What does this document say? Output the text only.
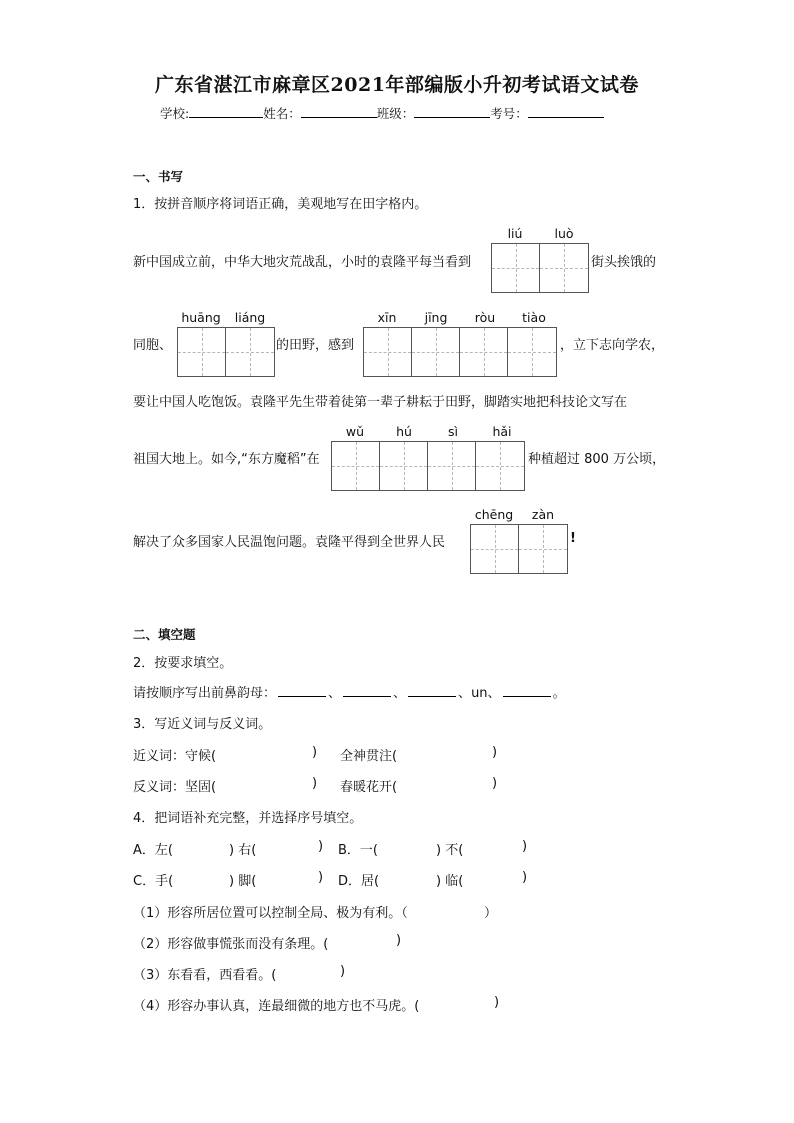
广东省湛江市麻章区2021年部编版小升初考试语文试卷
学校:	姓名：	班级：	考号：
一、书写
1．按拼音顺序将词语正确，美观地写在田字格内。
liú	luò
新中国成立前，中华大地灾荒战乱，小时的袁隆平每当看到	街头挨饿的
huāng	liáng
同胞、	的田野，感到
xīn	jīng	ròu	tiào
，立下志向学农，
要让中国人吃饱饭。袁隆平先生带着徒第一辈子耕耘于田野，脚踏实地把科技论文写在
wǔ	hú	sì	hǎi
祖国大地上。如今,“东方魔稻”在	种植超过 800 万公顷，
chēng	zàn
解决了众多国家人民温饱问题。袁隆平得到全世界人民	!
二、填空题
2．按要求填空。
请按顺序写出前鼻韵母：	、	、	、un、	。
3．写近义词与反义词。
近义词：守候(	) 全神贯注(	)
反义词：坚固(	) 春暖花开(	)
4．把词语补充完整，并选择序号填空。
A．左(	) 右(	) B．一(	) 不(	)
C．手(	) 脚(	) D．居(	) 临(	)
（1）形容所居位置可以控制全局、极为有利。（	）
（2）形容做事慌张而没有条理。(	)
（3）东看看，西看看。(	)
（4）形容办事认真，连最细微的地方也不马虎。(	)
